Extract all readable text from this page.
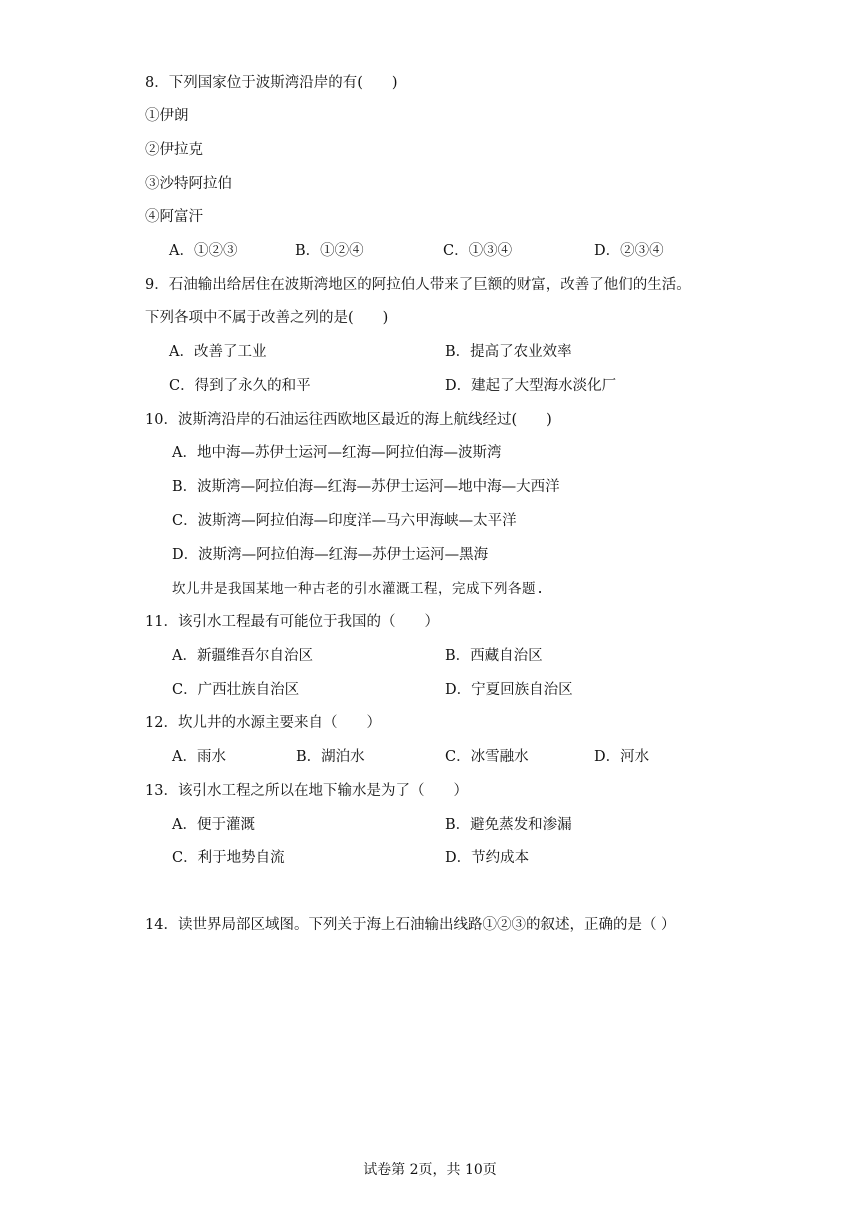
8．下列国家位于波斯湾沿岸的有(　　)
①伊朗
②伊拉克
③沙特阿拉伯
④阿富汗
A．①②③	B．①②④	C．①③④	D．②③④
9．石油输出给居住在波斯湾地区的阿拉伯人带来了巨额的财富，改善了他们的生活。
下列各项中不属于改善之列的是(　　)
A．改善了工业	B．提高了农业效率
C．得到了永久的和平	D．建起了大型海水淡化厂
10．波斯湾沿岸的石油运往西欧地区最近的海上航线经过(　　)
A．地中海—苏伊士运河—红海—阿拉伯海—波斯湾
B．波斯湾—阿拉伯海—红海—苏伊士运河—地中海—大西洋
C．波斯湾—阿拉伯海—印度洋—马六甲海峡—太平洋
D．波斯湾—阿拉伯海—红海—苏伊士运河—黑海
坎儿井是我国某地一种古老的引水灌溉工程，完成下列各题.
11．该引水工程最有可能位于我国的（　　）
A．新疆维吾尔自治区	B．西藏自治区
C．广西壮族自治区	D．宁夏回族自治区
12．坎儿井的水源主要来自（　　）
A．雨水	B．湖泊水	C．冰雪融水	D．河水
13．该引水工程之所以在地下输水是为了（　　）
A．便于灌溉	B．避免蒸发和渗漏
C．利于地势自流	D．节约成本
14．读世界局部区域图。下列关于海上石油输出线路①②③的叙述，正确的是（ ）
试卷第 2页，共 10页
